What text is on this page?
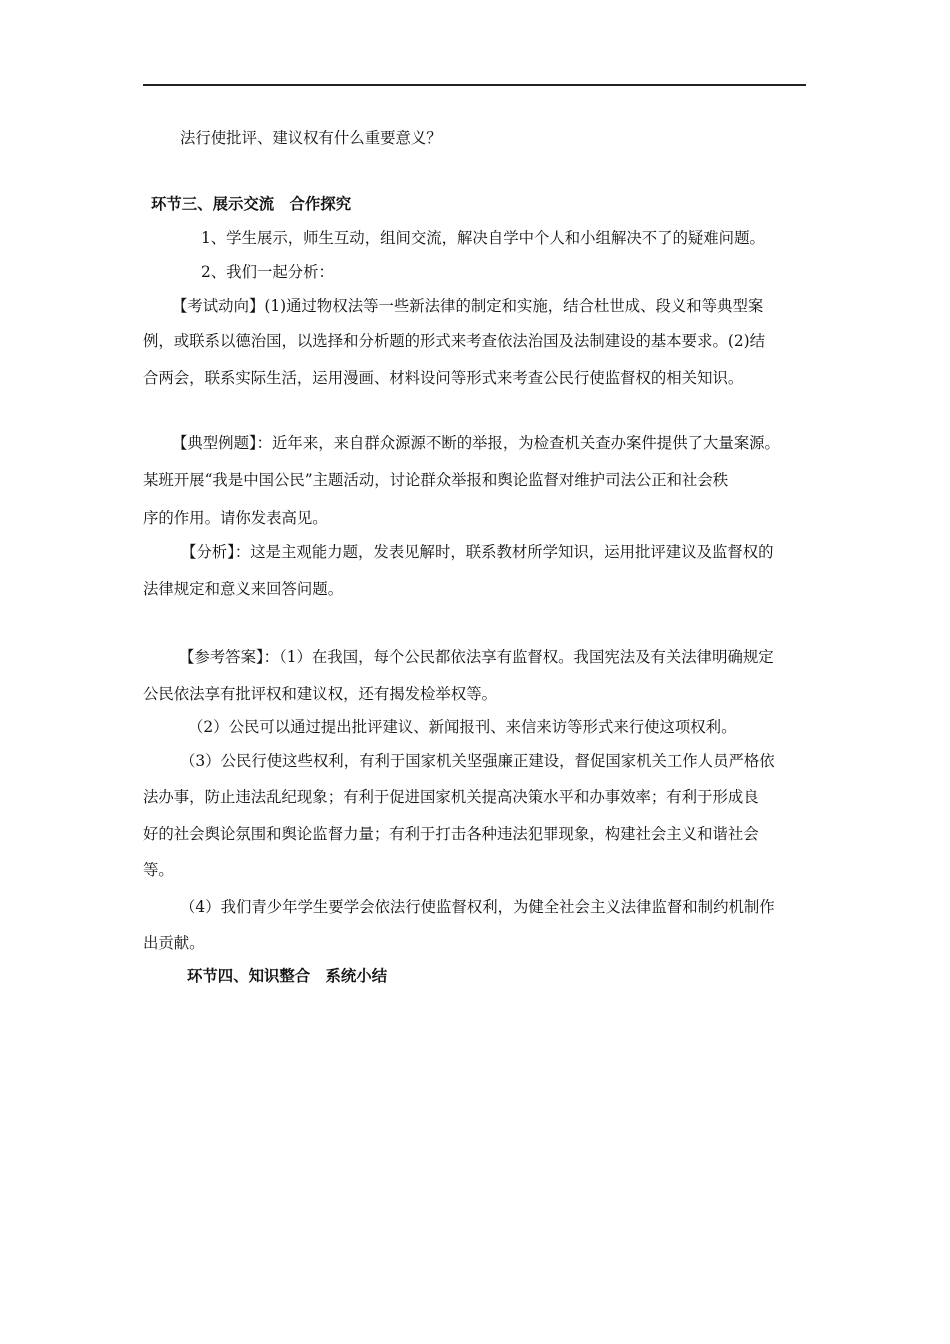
法行使批评、建议权有什么重要意义？
环节三、展示交流　合作探究
1、学生展示，师生互动，组间交流，解决自学中个人和小组解决不了的疑难问题。
2、我们一起分析：
【考试动向】(1)通过物权法等一些新法律的制定和实施，结合杜世成、段义和等典型案
例，或联系以德治国，以选择和分析题的形式来考查依法治国及法制建设的基本要求。(2)结
合两会，联系实际生活，运用漫画、材料设问等形式来考查公民行使监督权的相关知识。
【典型例题】：近年来，来自群众源源不断的举报，为检查机关查办案件提供了大量案源。
某班开展“我是中国公民”主题活动，讨论群众举报和舆论监督对维护司法公正和社会秩
序的作用。请你发表高见。
【分析】：这是主观能力题，发表见解时，联系教材所学知识，运用批评建议及监督权的
法律规定和意义来回答问题。
【参考答案】：（1）在我国，每个公民都依法享有监督权。我国宪法及有关法律明确规定
公民依法享有批评权和建议权，还有揭发检举权等。
（2）公民可以通过提出批评建议、新闻报刊、来信来访等形式来行使这项权利。
（3）公民行使这些权利，有利于国家机关坚强廉正建设，督促国家机关工作人员严格依
法办事，防止违法乱纪现象；有利于促进国家机关提高决策水平和办事效率；有利于形成良
好的社会舆论氛围和舆论监督力量；有利于打击各种违法犯罪现象，构建社会主义和谐社会
等。
（4）我们青少年学生要学会依法行使监督权利，为健全社会主义法律监督和制约机制作
出贡献。
环节四、知识整合　系统小结
